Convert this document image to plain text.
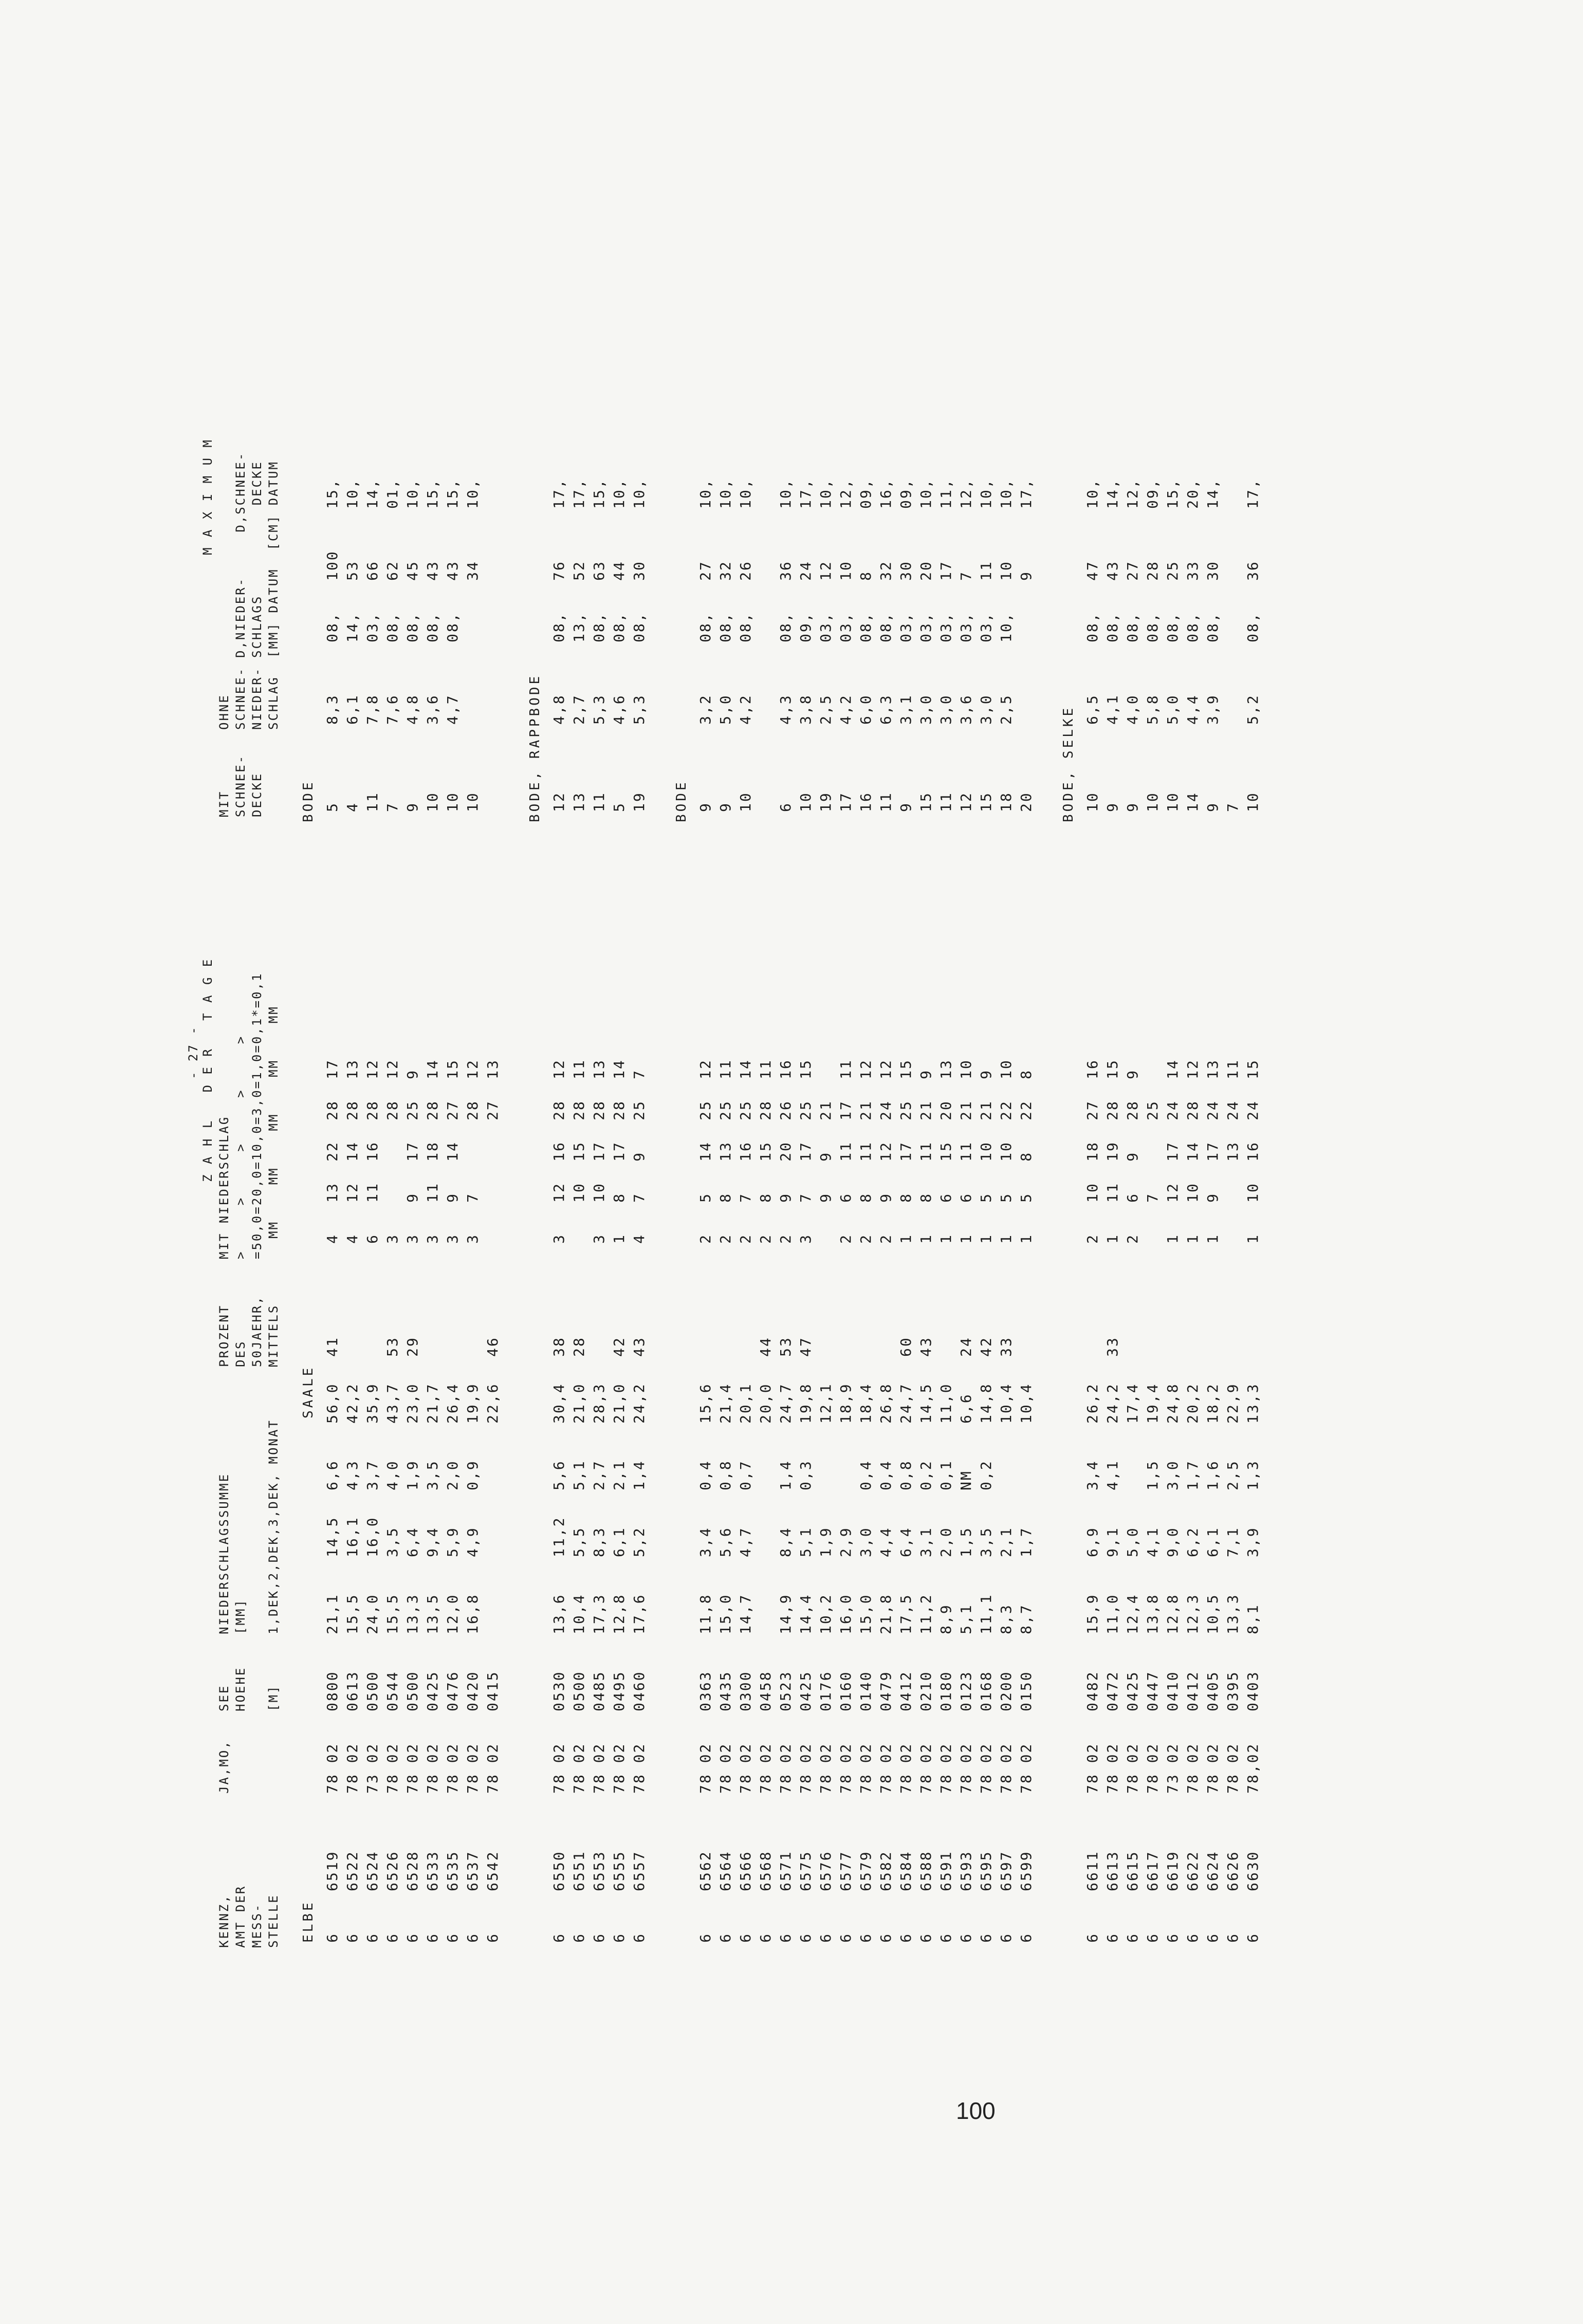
- 27 -
KENNZ,
AMT DER
MESS-
STELLE
JA,MO,
SEE
HOEHE

[M]
NIEDERSCHLAGSSUMME
[MM] 1,DEK,2,DEK,3,DEK, MONAT
PROZENT
DES
50JAEHR,
MITTELS
Z A H L   D E R   T A G E
MIT NIEDERSCHLAG >     >     >     >     > =50,0=20,0=10,0=3,0=1,0=0,1*=0,1 MM    MM    MM    MM    MM
MIT
SCHNEE-
DECKE
OHNE
SCHNEE-
NIEDER-
SCHLAG
M A X I M U M
D,NIEDER-     D,SCHNEE-
SCHLAGS          DECKE
[MM] DATUM  [CM] DATUM
ELBE
SAALE
BODE
6
6519
78 02
0800
21,1
14,5
6,6
56,0
41
4
13
22
28
5
8,3
08,
100
15,
17
6
6522
78 02
0613
15,5
16,1
4,3
42,2
4
12
14
28
4
6,1
14,
53
10,
13
6
6524
73 02
0500
24,0
16,0
3,7
35,9
6
11
16
28
11
7,8
03,
66
14,
12
6
6526
78 02
0544
15,5
3,5
4,0
43,7
53
3
28
7
7,6
08,
62
01,
12
6
6528
78 02
0500
13,3
6,4
1,9
23,0
29
3
9
17
25
9
4,8
08,
45
10,
9
6
6533
78 02
0425
13,5
9,4
3,5
21,7
3
11
18
28
10
3,6
08,
43
15,
14
6
6535
78 02
0476
12,0
5,9
2,0
26,4
3
9
14
27
10
4,7
08,
43
15,
15
6
6537
78 02
0420
16,8
4,9
0,9
19,9
3
7
28
10
34
10,
12
6
6542
78 02
0415
22,6
46
27
13
BODE, RAPPBODE
6
6550
78 02
0530
13,6
11,2
5,6
30,4
38
3
12
16
28
12
4,8
08,
76
17,
12
6
6551
78 02
0500
10,4
5,5
5,1
21,0
28
10
15
28
13
2,7
13,
52
17,
11
6
6553
78 02
0485
17,3
8,3
2,7
28,3
3
10
17
28
11
5,3
08,
63
15,
13
6
6555
78 02
0495
12,8
6,1
2,1
21,0
42
1
8
17
28
5
4,6
08,
44
10,
14
6
6557
78 02
0460
17,6
5,2
1,4
24,2
43
4
7
9
25
19
5,3
08,
30
10,
7
BODE
6
6562
78 02
0363
11,8
3,4
0,4
15,6
2
5
14
25
9
3,2
08,
27
10,
12
6
6564
78 02
0435
15,0
5,6
0,8
21,4
2
8
13
25
9
5,0
08,
32
10,
11
6
6566
78 02
0300
14,7
4,7
0,7
20,1
2
7
16
25
10
4,2
08,
26
10,
14
6
6568
78 02
0458
20,0
44
2
8
15
28
11
6
6571
78 02
0523
14,9
8,4
1,4
24,7
53
2
9
20
26
6
4,3
08,
36
10,
16
6
6575
78 02
0425
14,4
5,1
0,3
19,8
47
3
7
17
25
10
3,8
09,
24
17,
15
6
6576
78 02
0176
10,2
1,9
12,1
9
9
21
19
2,5
03,
12
10,
6
6577
78 02
0160
16,0
2,9
18,9
2
6
11
17
17
4,2
03,
10
12,
11
6
6579
78 02
0140
15,0
3,0
0,4
18,4
2
8
11
21
16
6,0
08,
8
09,
12
6
6582
78 02
0479
21,8
4,4
0,4
26,8
2
9
12
24
11
6,3
08,
32
16,
12
6
6584
78 02
0412
17,5
6,4
0,8
24,7
60
1
8
17
25
9
3,1
03,
30
09,
15
6
6588
78 02
0210
11,2
3,1
0,2
14,5
43
1
8
11
21
15
3,0
03,
20
10,
9
6
6591
78 02
0180
8,9
2,0
0,1
11,0
1
6
15
20
11
3,0
03,
17
11,
13
6
6593
78 02
0123
5,1
1,5
NM
6,6
24
1
6
11
21
12
3,6
03,
7
12,
10
6
6595
78 02
0168
11,1
3,5
0,2
14,8
42
1
5
10
21
15
3,0
03,
11
10,
9
6
6597
78 02
0200
8,3
2,1
10,4
33
1
5
10
22
18
2,5
10,
10
10,
10
6
6599
78 02
0150
8,7
1,7
10,4
1
5
8
22
20
9
17,
8
BODE, SELKE
6
6611
78 02
0482
15,9
6,9
3,4
26,2
2
10
18
27
10
6,5
08,
47
10,
16
6
6613
78 02
0472
11,0
9,1
4,1
24,2
33
1
11
19
28
9
4,1
08,
43
14,
15
6
6615
78 02
0425
12,4
5,0
17,4
2
6
9
28
9
4,0
08,
27
12,
9
6
6617
78 02
0447
13,8
4,1
1,5
19,4
7
25
10
5,8
08,
28
09,
6
6619
73 02
0410
12,8
9,0
3,0
24,8
1
12
17
24
10
5,0
08,
25
15,
14
6
6622
78 02
0412
12,3
6,2
1,7
20,2
1
10
14
28
14
4,4
08,
33
20,
12
6
6624
78 02
0405
10,5
6,1
1,6
18,2
1
9
17
24
9
3,9
08,
30
14,
13
6
6626
78 02
0395
13,3
7,1
2,5
22,9
13
24
7
11
6
6630
78,02
0403
8,1
3,9
1,3
13,3
1
10
16
24
10
5,2
08,
36
17,
15
100
